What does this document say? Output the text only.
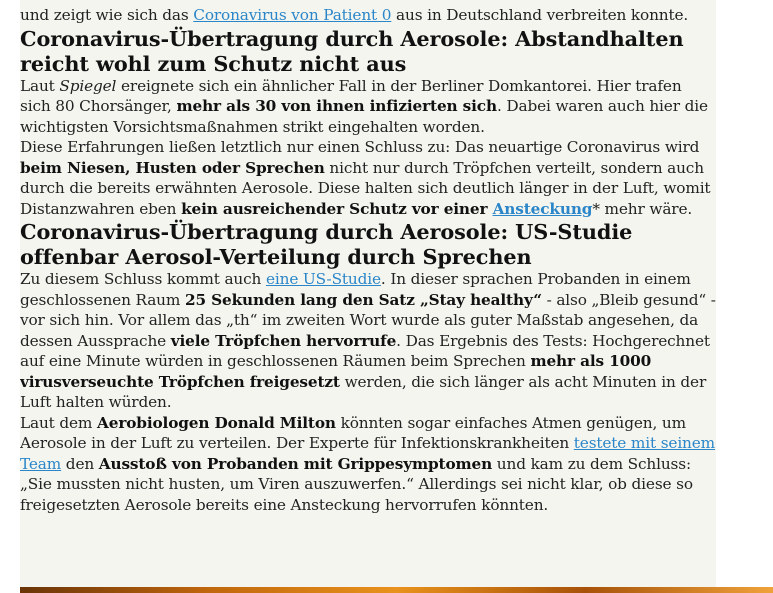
und zeigt wie sich das Coronavirus von Patient 0 aus in Deutschland verbreiten konnte.

Coronavirus-Übertragung durch Aerosole: Abstandhalten reicht wohl zum Schutz nicht aus

Laut Spiegel ereignete sich ein ähnlicher Fall in der Berliner Domkantorei. Hier trafen sich 80 Chorsänger, mehr als 30 von ihnen infizierten sich. Dabei waren auch hier die wichtigsten Vorsichtsmaßnahmen strikt eingehalten worden.

Diese Erfahrungen ließen letztlich nur einen Schluss zu: Das neuartige Coronavirus wird beim Niesen, Husten oder Sprechen nicht nur durch Tröpfchen verteilt, sondern auch durch die bereits erwähnten Aerosole. Diese halten sich deutlich länger in der Luft, womit Distanzwahren eben kein ausreichender Schutz vor einer Ansteckung* mehr wäre.

Coronavirus-Übertragung durch Aerosole: US-Studie offenbar Aerosol-Verteilung durch Sprechen

Zu diesem Schluss kommt auch eine US-Studie. In dieser sprachen Probanden in einem geschlossenen Raum 25 Sekunden lang den Satz „Stay healthy“ - also „Bleib gesund“ - vor sich hin. Vor allem das „th“ im zweiten Wort wurde als guter Maßstab angesehen, da dessen Aussprache viele Tröpfchen hervorrufe. Das Ergebnis des Tests: Hochgerechnet auf eine Minute würden in geschlossenen Räumen beim Sprechen mehr als 1000 virusverseuchte Tröpfchen freigesetzt werden, die sich länger als acht Minuten in der Luft halten würden.

Laut dem Aerobiologen Donald Milton könnten sogar einfaches Atmen genügen, um Aerosole in der Luft zu verteilen. Der Experte für Infektionskrankheiten testete mit seinem Team den Ausstoß von Probanden mit Grippesymptomen und kam zu dem Schluss: „Sie mussten nicht husten, um Viren auszuwerfen.“ Allerdings sei nicht klar, ob diese so freigesetzten Aerosole bereits eine Ansteckung hervorrufen könnten.
